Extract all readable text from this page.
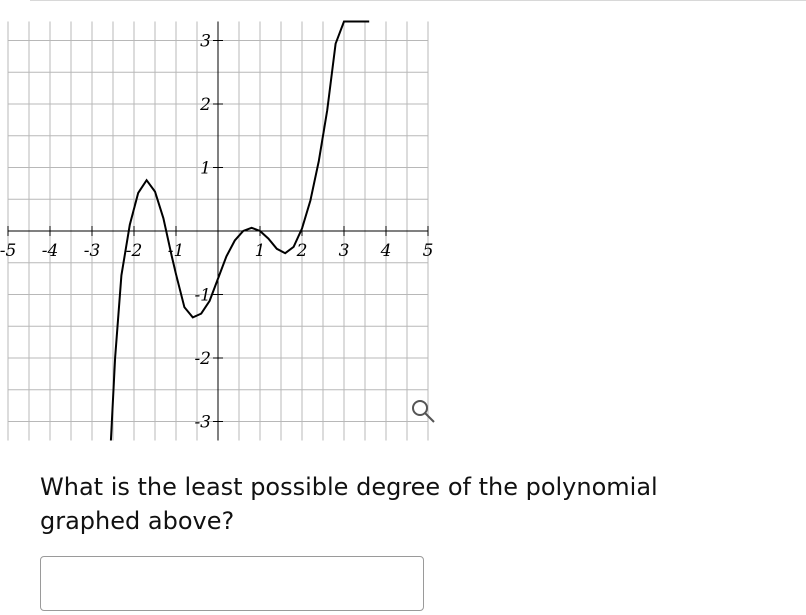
-5 -4 -3 -2 -1	1 2 3 4 5
3
2
1
-1
-2
-3
What is the least possible degree of the polynomial
graphed above?
